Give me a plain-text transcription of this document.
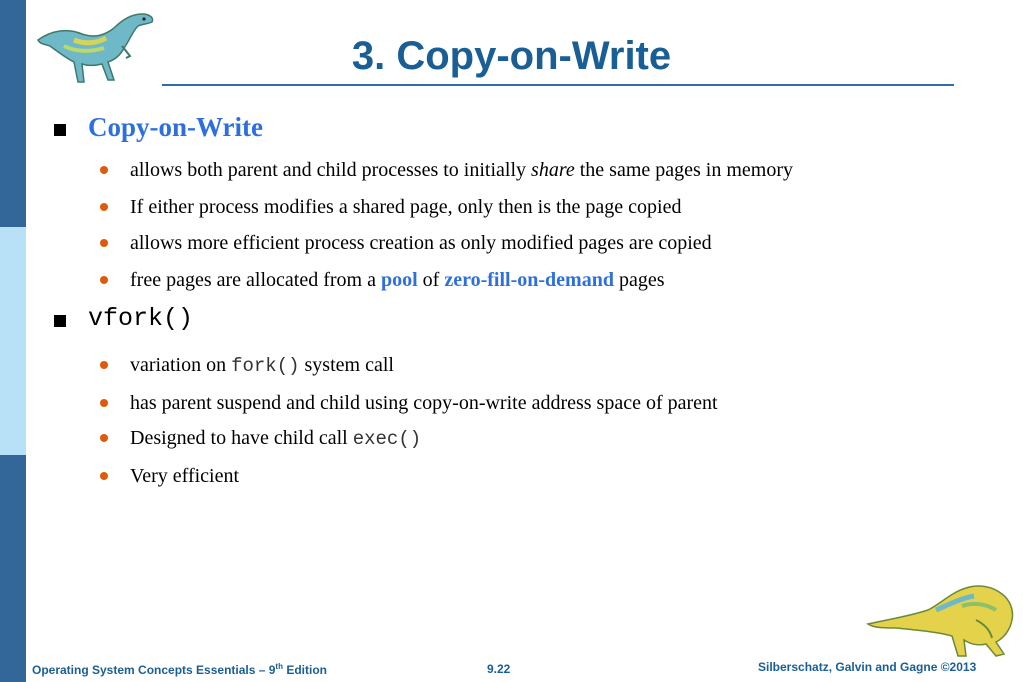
3. Copy-on-Write
Copy-on-Write
allows both parent and child processes to initially share the same pages in memory
If either process modifies a shared page, only then is the page copied
allows more efficient process creation as only modified pages are copied
free pages are allocated from a pool of zero-fill-on-demand pages
vfork()
variation on fork() system call
has parent suspend and child using copy-on-write address space of parent
Designed to have child call exec()
Very efficient
Operating System Concepts Essentials – 9th Edition	9.22	Silberschatz, Galvin and Gagne ©2013
